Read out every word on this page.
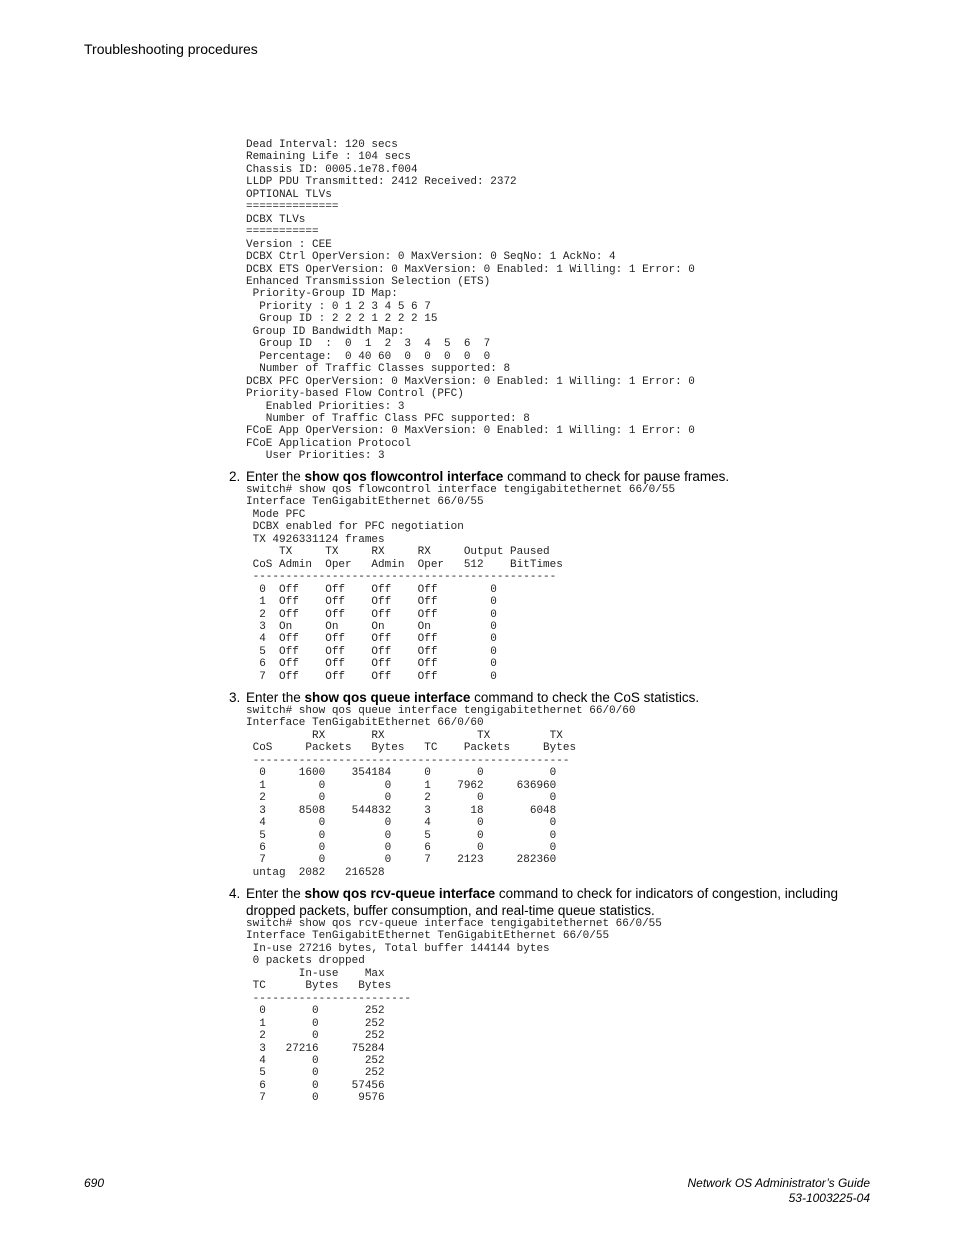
Troubleshooting procedures
Dead Interval: 120 secs
Remaining Life : 104 secs
Chassis ID: 0005.1e78.f004
LLDP PDU Transmitted: 2412 Received: 2372
OPTIONAL TLVs
==============
DCBX TLVs
===========
Version : CEE
DCBX Ctrl OperVersion: 0 MaxVersion: 0 SeqNo: 1 AckNo: 4
DCBX ETS OperVersion: 0 MaxVersion: 0 Enabled: 1 Willing: 1 Error: 0
Enhanced Transmission Selection (ETS)
Priority-Group ID Map:
Priority : 0 1 2 3 4 5 6 7
Group ID : 2 2 2 1 2 2 2 15
Group ID Bandwidth Map:
Group ID  :  0  1  2  3  4  5  6  7
Percentage:  0 40 60  0  0  0  0  0
Number of Traffic Classes supported: 8
DCBX PFC OperVersion: 0 MaxVersion: 0 Enabled: 1 Willing: 1 Error: 0
Priority-based Flow Control (PFC)
Enabled Priorities: 3
Number of Traffic Class PFC supported: 8
FCoE App OperVersion: 0 MaxVersion: 0 Enabled: 1 Willing: 1 Error: 0
FCoE Application Protocol
User Priorities: 3
2. Enter the show qos flowcontrol interface command to check for pause frames.
switch# show qos flowcontrol interface tengigabitethernet 66/0/55
Interface TenGigabitEthernet 66/0/55
Mode PFC
DCBX enabled for PFC negotiation
TX 4926331124 frames
TX     TX     RX     RX     Output Paused
CoS Admin  Oper   Admin  Oper   512    BitTimes
----------------------------------------------
0  Off    Off    Off    Off        0
1  Off    Off    Off    Off        0
2  Off    Off    Off    Off        0
3  On     On     On     On         0
4  Off    Off    Off    Off        0
5  Off    Off    Off    Off        0
6  Off    Off    Off    Off        0
7  Off    Off    Off    Off        0
3. Enter the show qos queue interface command to check the CoS statistics.
switch# show qos queue interface tengigabitethernet 66/0/60
Interface TenGigabitEthernet 66/0/60
RX       RX              TX         TX
CoS     Packets   Bytes   TC    Packets     Bytes
------------------------------------------------
0     1600    354184     0       0          0
1        0         0     1    7962     636960
2        0         0     2       0          0
3     8508    544832     3      18       6048
4        0         0     4       0          0
5        0         0     5       0          0
6        0         0     6       0          0
7        0         0     7    2123     282360
untag  2082   216528
4. Enter the show qos rcv-queue interface command to check for indicators of congestion, including dropped packets, buffer consumption, and real-time queue statistics.
switch# show qos rcv-queue interface tengigabitethernet 66/0/55
Interface TenGigabitEthernet TenGigabitEthernet 66/0/55
In-use 27216 bytes, Total buffer 144144 bytes
0 packets dropped
In-use    Max
TC      Bytes   Bytes
------------------------
0       0       252
1       0       252
2       0       252
3   27216     75284
4       0       252
5       0       252
6       0     57456
7       0      9576
690	Network OS Administrator’s Guide
53-1003225-04
